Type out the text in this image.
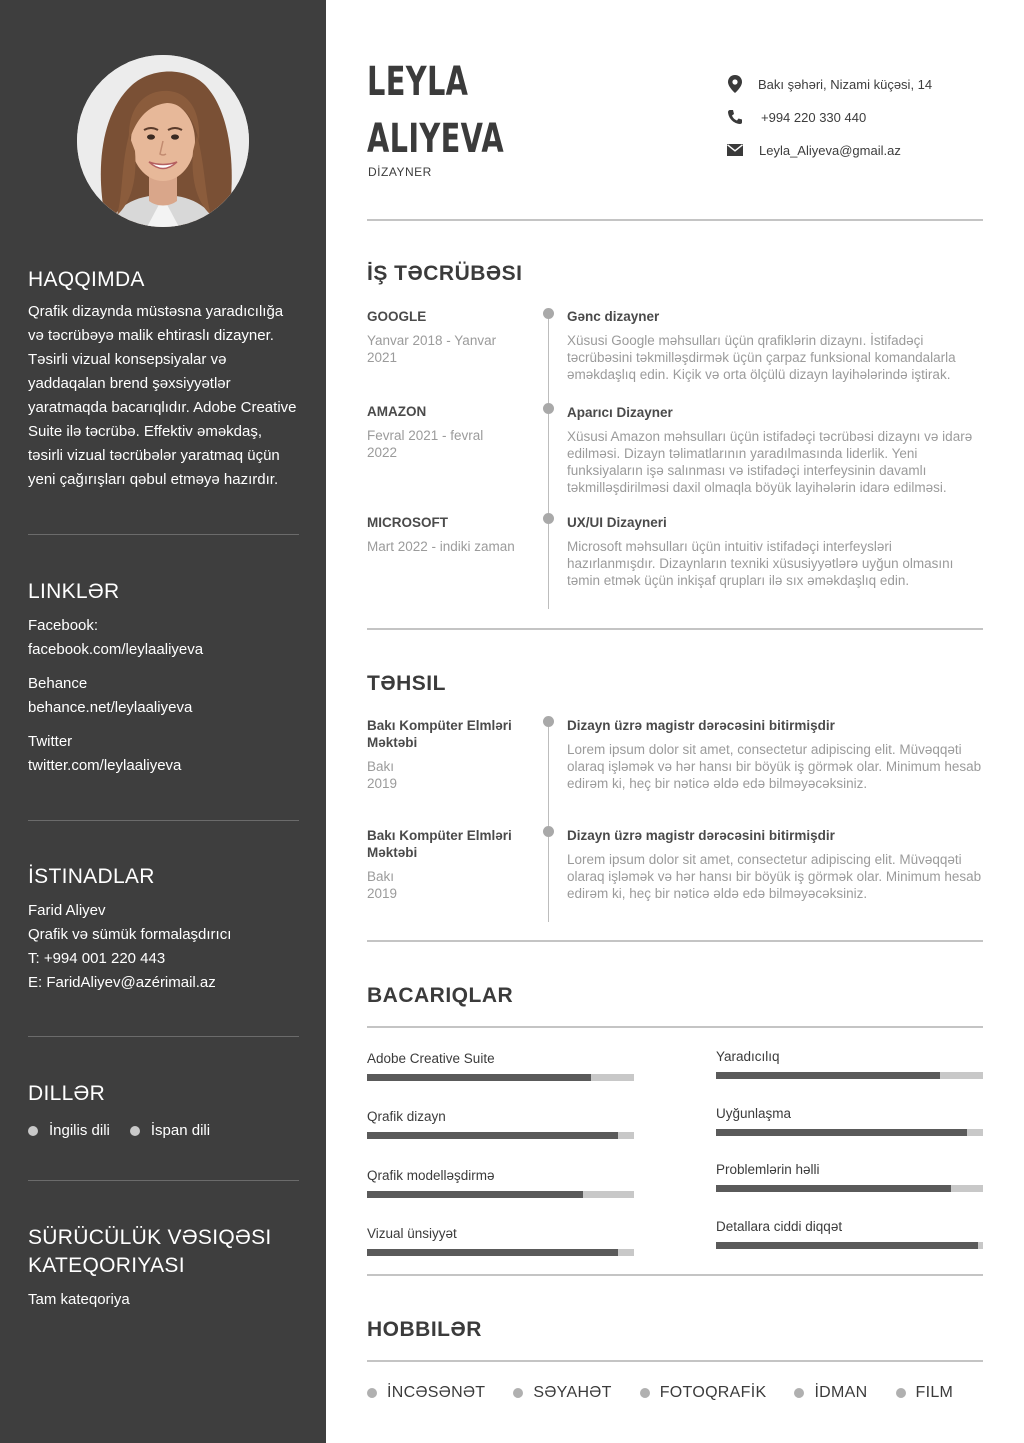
HAQQIMDA

Qrafik dizaynda müstəsna yaradıcılığa və təcrübəyə malik ehtiraslı dizayner. Təsirli vizual konsepsiyalar və yaddaqalan brend şəxsiyyətlər yaratmaqda bacarıqlıdır. Adobe Creative Suite ilə təcrübə. Effektiv əməkdaş, təsirli vizual təcrübələr yaratmaq üçün yeni çağırışları qəbul etməyə hazırdır.

LINKLƏR
Facebook:
facebook.com/leylaaliyeva
Behance
behance.net/leylaaliyeva
Twitter
twitter.com/leylaaliyeva
İSTINADLAR
Farid Aliyev
Qrafik və sümük formalaşdırıcı
T: +994 001 220 443
E: FaridAliyev@azérimail.az
DILLƏR
İngilis dili	İspan dili
SÜRÜCÜLÜK VƏSIQƏSI
KATEQORIYASI

Tam kateqoriya

LEYLA
ALIYEVA
DİZAYNER
Bakı şəhəri, Nizami küçəsi, 14
+994 220 330 440
Leyla_Aliyeva@gmail.az
İŞ TƏCRÜBƏSI
GOOGLE
Yanvar 2018 - Yanvar 2021
Gənc dizayner
Xüsusi Google məhsulları üçün qrafiklərin dizaynı. İstifadəçi təcrübəsini təkmilləşdirmək üçün çarpaz funksional komandalarla əməkdaşlıq edin. Kiçik və orta ölçülü dizayn layihələrində iştirak.
AMAZON
Fevral 2021 - fevral 2022
Aparıcı Dizayner
Xüsusi Amazon məhsulları üçün istifadəçi təcrübəsi dizaynı və idarə edilməsi. Dizayn təlimatlarının yaradılmasında liderlik. Yeni funksiyaların işə salınması və istifadəçi interfeysinin davamlı təkmilləşdirilməsi daxil olmaqla böyük layihələrin idarə edilməsi.
MICROSOFT
Mart 2022 - indiki zaman
UX/UI Dizayneri
Microsoft məhsulları üçün intuitiv istifadəçi interfeysləri hazırlanmışdır. Dizaynların texniki xüsusiyyətlərə uyğun olmasını təmin etmək üçün inkişaf qrupları ilə sıx əməkdaşlıq edin.
TƏHSIL
Bakı Kompüter Elmləri Məktəbi
Bakı
2019
Dizayn üzrə magistr dərəcəsini bitirmişdir
Lorem ipsum dolor sit amet, consectetur adipiscing elit. Müvəqqəti olaraq işləmək və hər hansı bir böyük iş görmək olar. Minimum hesab edirəm ki, heç bir nəticə əldə edə bilməyəcəksiniz.
Bakı Kompüter Elmləri Məktəbi
Bakı
2019
Dizayn üzrə magistr dərəcəsini bitirmişdir
Lorem ipsum dolor sit amet, consectetur adipiscing elit. Müvəqqəti olaraq işləmək və hər hansı bir böyük iş görmək olar. Minimum hesab edirəm ki, heç bir nəticə əldə edə bilməyəcəksiniz.
BACARIQLAR
Adobe Creative Suite
Qrafik dizayn
Qrafik modelləşdirmə
Vizual ünsiyyət
Yaradıcılıq
Uyğunlaşma
Problemlərin həlli
Detallara ciddi diqqət
HOBBILƏR
İNCƏSƏNƏT	SƏYAHƏT	FOTOQRAFİK	İDMAN	FILM
